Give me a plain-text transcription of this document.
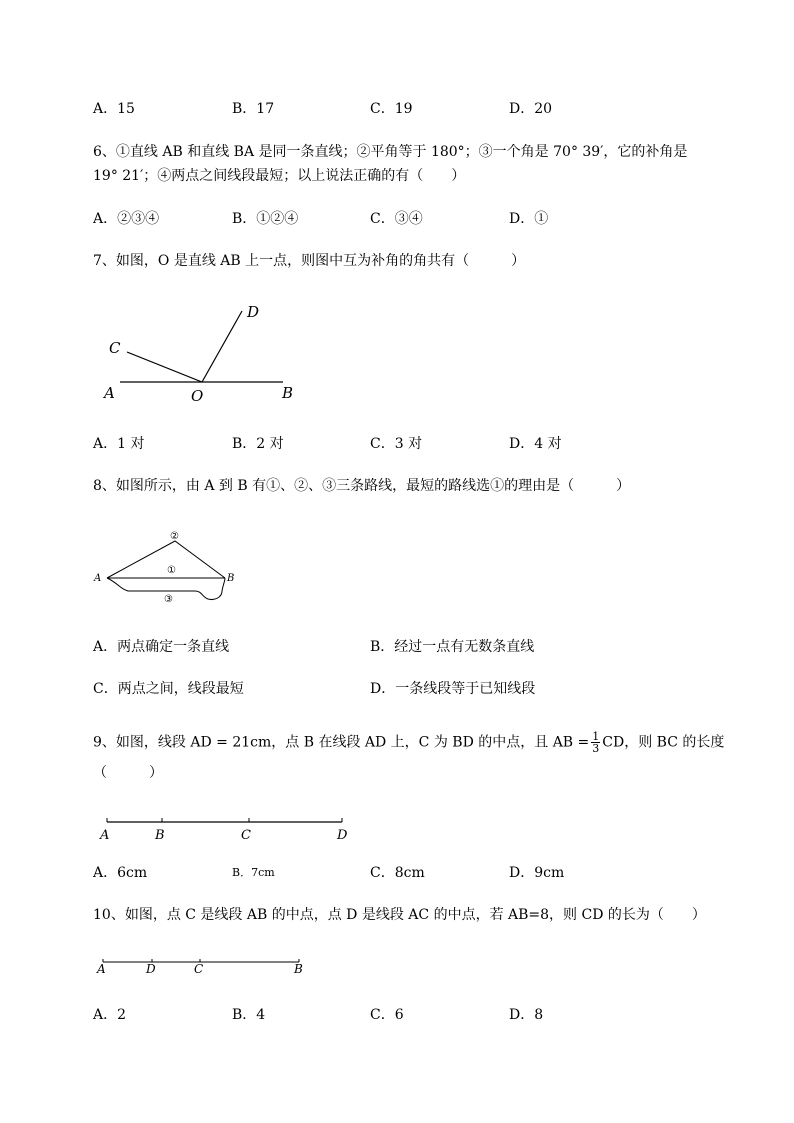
A．15	B．17	C．19	D．20
6、①直线 AB 和直线 BA 是同一条直线；②平角等于 180°；③一个角是 70° 39′，它的补角是
19° 21′；④两点之间线段最短；以上说法正确的有（　　）
A．②③④	B．①②④	C．③④	D．①
7、如图，O 是直线 AB 上一点，则图中互为补角的角共有（　　　）
A	O	B
C
D
A．1 对	B．2 对	C．3 对	D．4 对
8、如图所示，由 A 到 B 有①、②、③三条路线，最短的路线选①的理由是（　　　）
A	B
①
②
③
A．两点确定一条直线	B．经过一点有无数条直线
C．两点之间，线段最短	D．一条线段等于已知线段
9、如图，线段 AD = 21cm，点 B 在线段 AD 上，C 为 BD 的中点，且 AB = $\frac{1}{3}$ CD，则 BC 的长度
（　　　）
A	B	C	D
A．6cm	B．7cm	C．8cm	D．9cm
10、如图，点 C 是线段 AB 的中点，点 D 是线段 AC 的中点，若 AB=8，则 CD 的长为（　　）
A	D	C	B
A．2	B．4	C．6	D．8
